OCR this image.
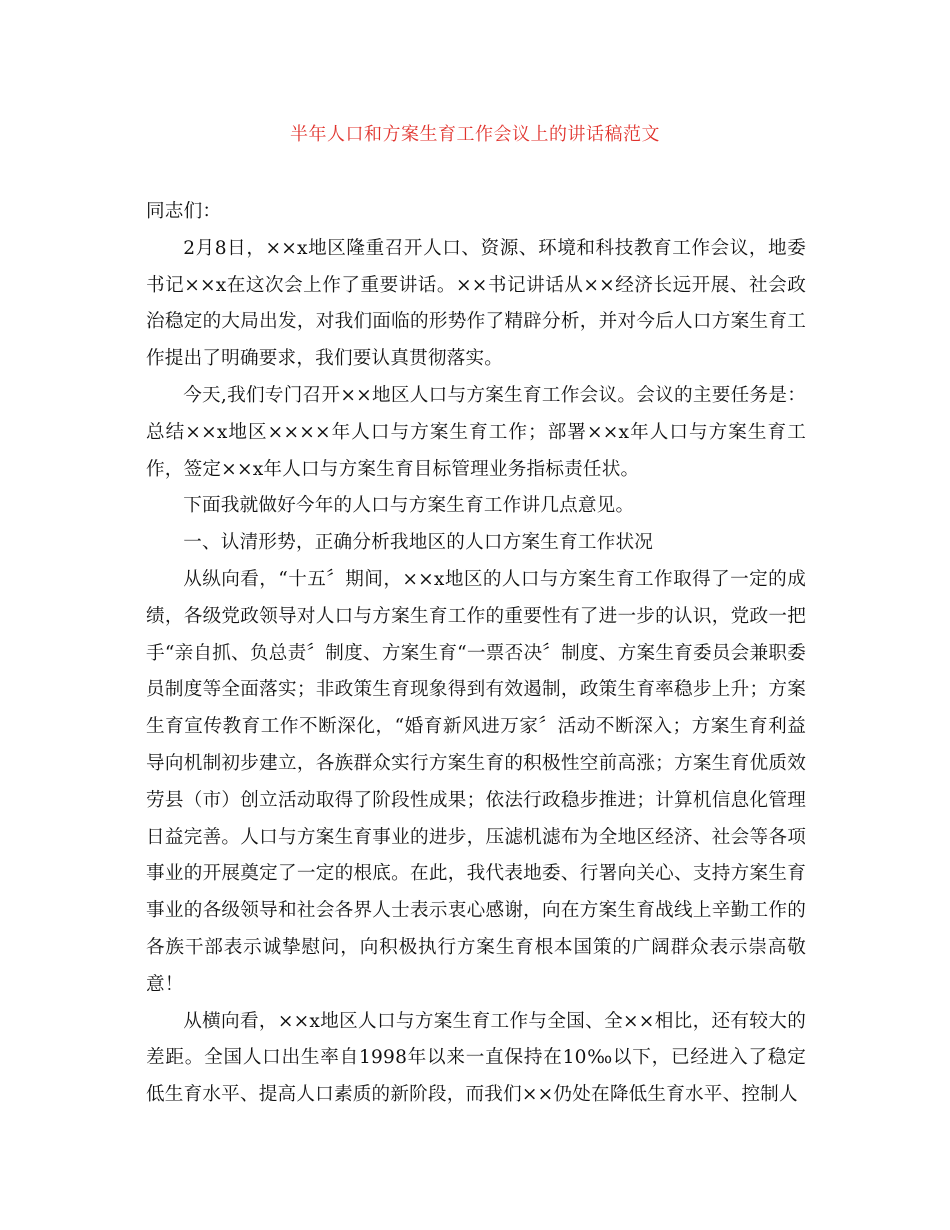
半年人口和方案生育工作会议上的讲话稿范文

同志们：

2月8日，××x地区隆重召开人口、资源、环境和科技教育工作会议，地委书记××x在这次会上作了重要讲话。××书记讲话从××经济长远开展、社会政治稳定的大局出发，对我们面临的形势作了精辟分析，并对今后人口方案生育工作提出了明确要求，我们要认真贯彻落实。

今天,我们专门召开××地区人口与方案生育工作会议。会议的主要任务是：总结××x地区××××年人口与方案生育工作；部署××x年人口与方案生育工作，签定××x年人口与方案生育目标管理业务指标责任状。

下面我就做好今年的人口与方案生育工作讲几点意见。

一、认清形势，正确分析我地区的人口方案生育工作状况

从纵向看，“十五〞期间，××x地区的人口与方案生育工作取得了一定的成绩，各级党政领导对人口与方案生育工作的重要性有了进一步的认识，党政一把手“亲自抓、负总责〞制度、方案生育“一票否决〞制度、方案生育委员会兼职委员制度等全面落实；非政策生育现象得到有效遏制，政策生育率稳步上升；方案生育宣传教育工作不断深化，“婚育新风进万家〞活动不断深入；方案生育利益导向机制初步建立，各族群众实行方案生育的积极性空前高涨；方案生育优质效劳县（市）创立活动取得了阶段性成果；依法行政稳步推进；计算机信息化管理日益完善。人口与方案生育事业的进步，压滤机滤布为全地区经济、社会等各项事业的开展奠定了一定的根底。在此，我代表地委、行署向关心、支持方案生育事业的各级领导和社会各界人士表示衷心感谢，向在方案生育战线上辛勤工作的各族干部表示诚挚慰问，向积极执行方案生育根本国策的广阔群众表示崇高敬意！

从横向看，××x地区人口与方案生育工作与全国、全××相比，还有较大的差距。全国人口出生率自1998年以来一直保持在10‰以下，已经进入了稳定低生育水平、提高人口素质的新阶段，而我们××仍处在降低生育水平、控制人
